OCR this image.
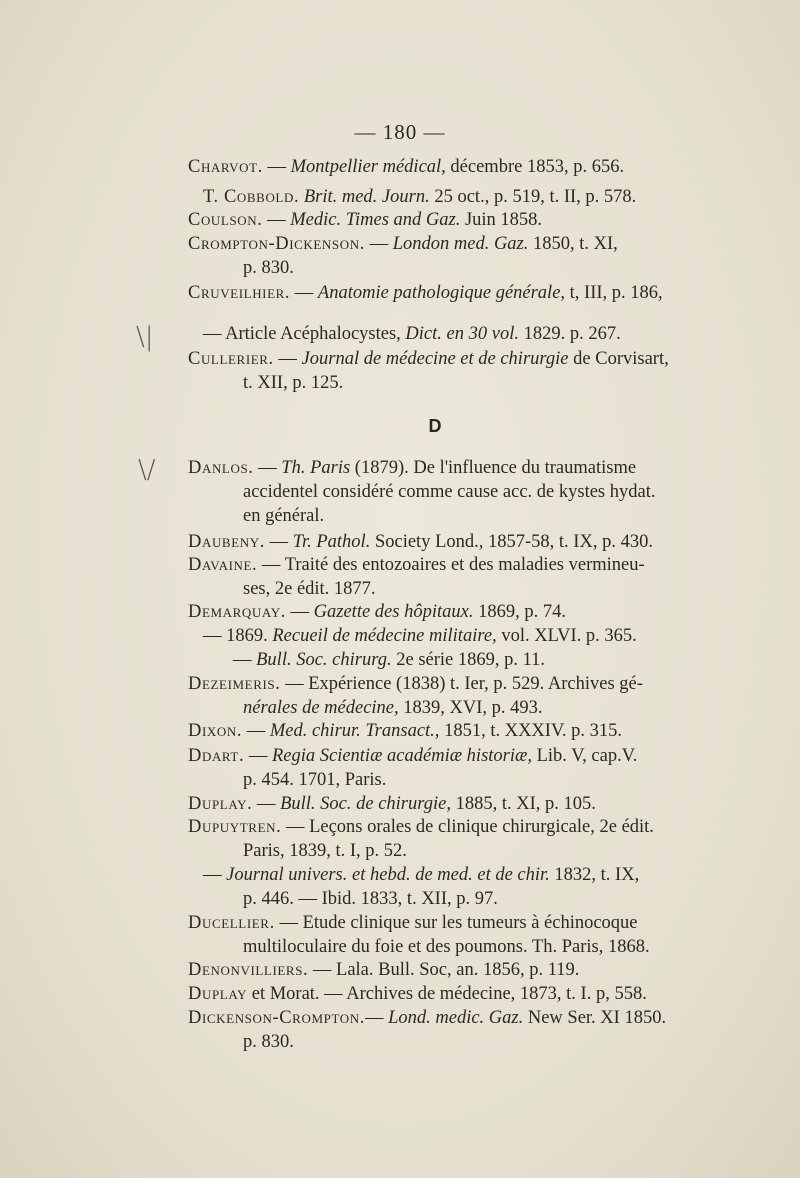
— 180 —
\|
\/
D
Charvot. — Montpellier médical, décembre 1853, p. 656.
T. Cobbold. Brit. med. Journ. 25 oct., p. 519, t. II, p. 578.
Coulson. — Medic. Times and Gaz. Juin 1858.
Crompton-Dickenson. — London med. Gaz. 1850, t. XI,
p. 830.
Cruveilhier. — Anatomie pathologique générale, t, III, p. 186,
— Article Acéphalocystes, Dict. en 30 vol. 1829. p. 267.
Cullerier. — Journal de médecine et de chirurgie de Corvisart,
t. XII, p. 125.
Danlos. — Th. Paris (1879). De l'influence du traumatisme
accidentel considéré comme cause acc. de kystes hydat.
en général.
Daubeny. — Tr. Pathol. Society Lond., 1857-58, t. IX, p. 430.
Davaine. — Traité des entozoaires et des maladies vermineu-
ses, 2e édit. 1877.
Demarquay. — Gazette des hôpitaux. 1869, p. 74.
— 1869. Recueil de médecine militaire, vol. XLVI. p. 365.
— Bull. Soc. chirurg. 2e série 1869, p. 11.
Dezeimeris. — Expérience (1838) t. Ier, p. 529. Archives gé-
nérales de médecine, 1839, XVI, p. 493.
Dixon. — Med. chirur. Transact., 1851, t. XXXIV. p. 315.
Ddart. — Regia Scientiæ académiæ historiæ, Lib. V, cap.V.
p. 454. 1701, Paris.
Duplay. — Bull. Soc. de chirurgie, 1885, t. XI, p. 105.
Dupuytren. — Leçons orales de clinique chirurgicale, 2e édit.
Paris, 1839, t. I, p. 52.
— Journal univers. et hebd. de med. et de chir. 1832, t. IX,
p. 446. — Ibid. 1833, t. XII, p. 97.
Ducellier. — Etude clinique sur les tumeurs à échinocoque
multiloculaire du foie et des poumons. Th. Paris, 1868.
Denonvilliers. — Lala. Bull. Soc, an. 1856, p. 119.
Duplay et Morat. — Archives de médecine, 1873, t. I. p, 558.
Dickenson-Crompton.— Lond. medic. Gaz. New Ser. XI 1850.
p. 830.
